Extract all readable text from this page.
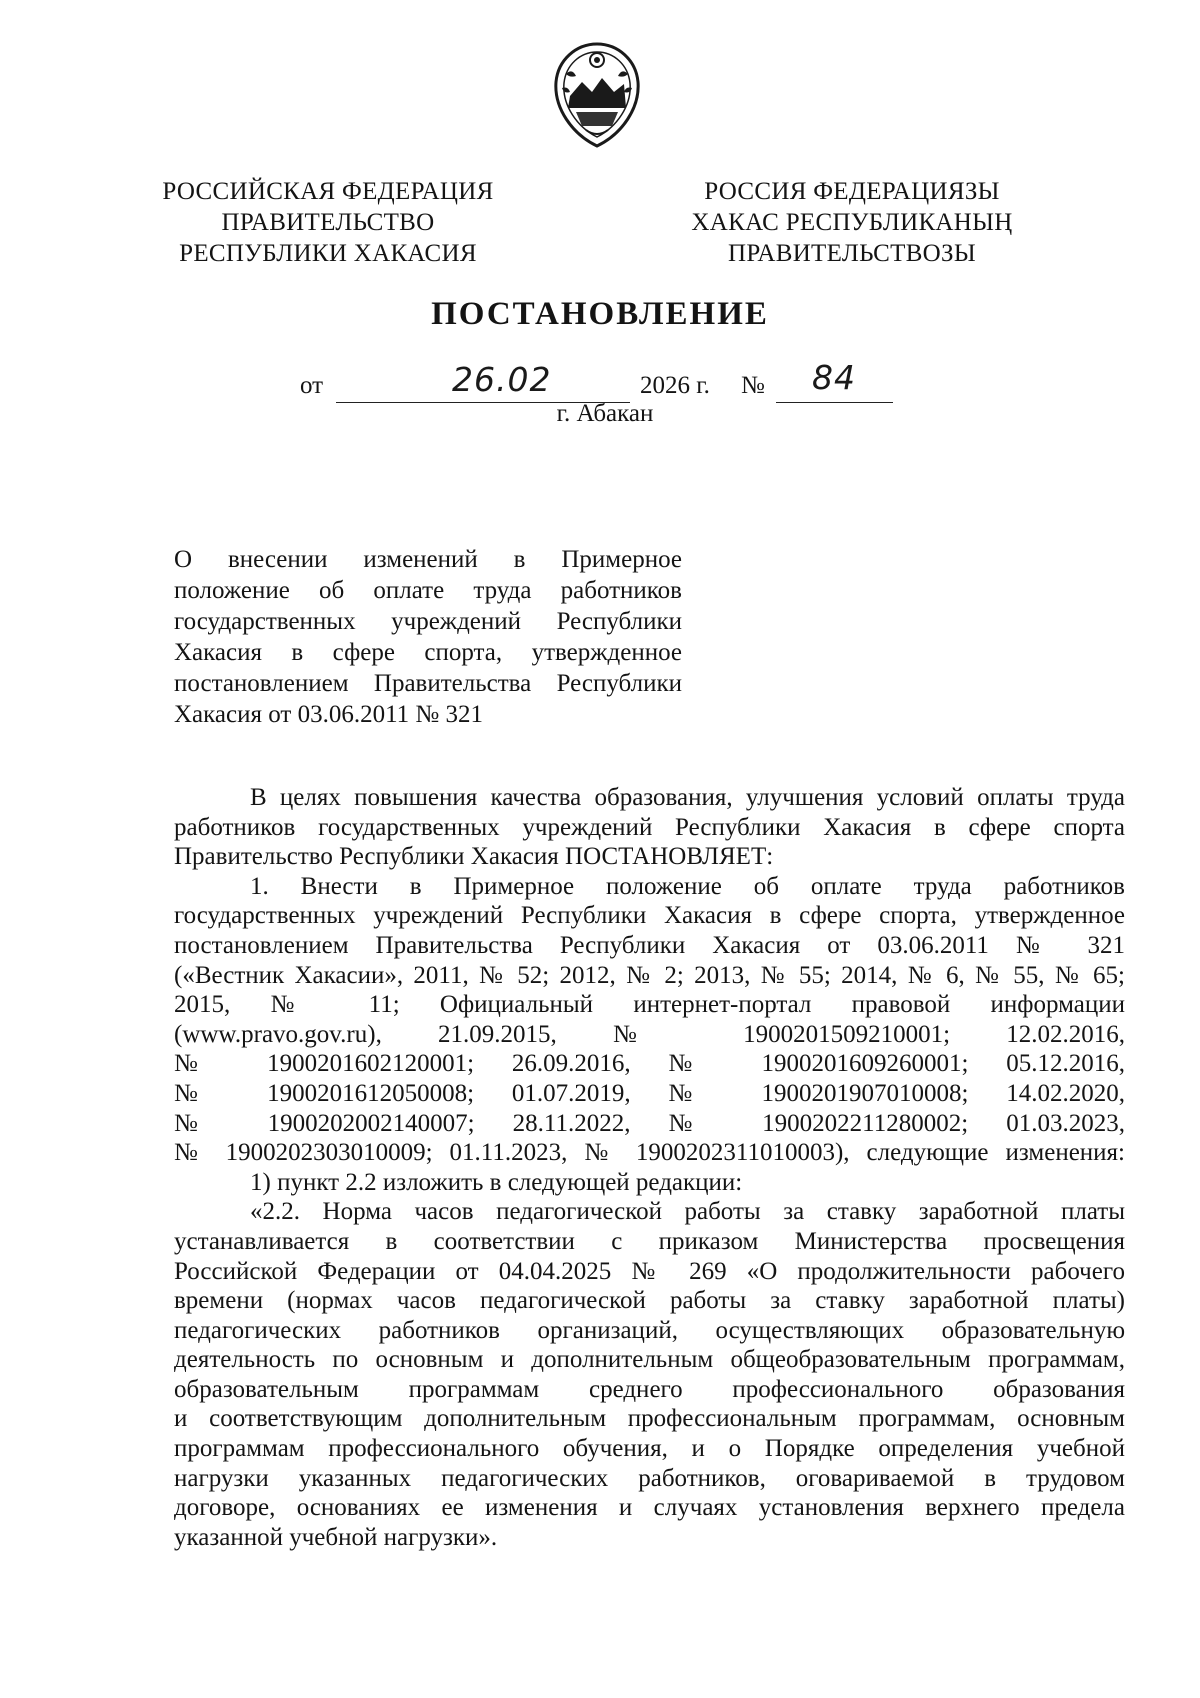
РОССИЙСКАЯ ФЕДЕРАЦИЯ
ПРАВИТЕЛЬСТВО
РЕСПУБЛИКИ ХАКАСИЯ
РОССИЯ ФЕДЕРАЦИЯЗЫ
ХАКАС РЕСПУБЛИКАНЫҢ
ПРАВИТЕЛЬСТВОЗЫ
ПОСТАНОВЛЕНИЕ
от	26.02	2026 г. № 84
г. Абакан
О внесении изменений в Примерное
положение об оплате труда работников
государственных учреждений Республики
Хакасия в сфере спорта, утвержденное
постановлением Правительства Республики
Хакасия от 03.06.2011 № 321
В целях повышения качества образования, улучшения условий оплаты труда
работников государственных учреждений Республики Хакасия в сфере спорта
Правительство Республики Хакасия ПОСТАНОВЛЯЕТ:
1. Внести в Примерное положение об оплате труда работников
государственных учреждений Республики Хакасия в сфере спорта, утвержденное
постановлением Правительства Республики Хакасия от 03.06.2011 № 321
(«Вестник Хакасии», 2011, № 52; 2012, № 2; 2013, № 55; 2014, № 6, № 55, № 65;
2015, № 11; Официальный интернет-портал правовой информации
(www.pravo.gov.ru), 21.09.2015, № 1900201509210001; 12.02.2016,
№ 1900201602120001; 26.09.2016, № 1900201609260001; 05.12.2016,
№ 1900201612050008; 01.07.2019, № 1900201907010008; 14.02.2020,
№ 1900202002140007; 28.11.2022, № 1900202211280002; 01.03.2023,
№ 1900202303010009; 01.11.2023, № 1900202311010003), следующие изменения:
1) пункт 2.2 изложить в следующей редакции:
«2.2. Норма часов педагогической работы за ставку заработной платы
устанавливается в соответствии с приказом Министерства просвещения
Российской Федерации от 04.04.2025 № 269 «О продолжительности рабочего
времени (нормах часов педагогической работы за ставку заработной платы)
педагогических работников организаций, осуществляющих образовательную
деятельность по основным и дополнительным общеобразовательным программам,
образовательным программам среднего профессионального образования
и соответствующим дополнительным профессиональным программам, основным
программам профессионального обучения, и о Порядке определения учебной
нагрузки указанных педагогических работников, оговариваемой в трудовом
договоре, основаниях ее изменения и случаях установления верхнего предела
указанной учебной нагрузки».
